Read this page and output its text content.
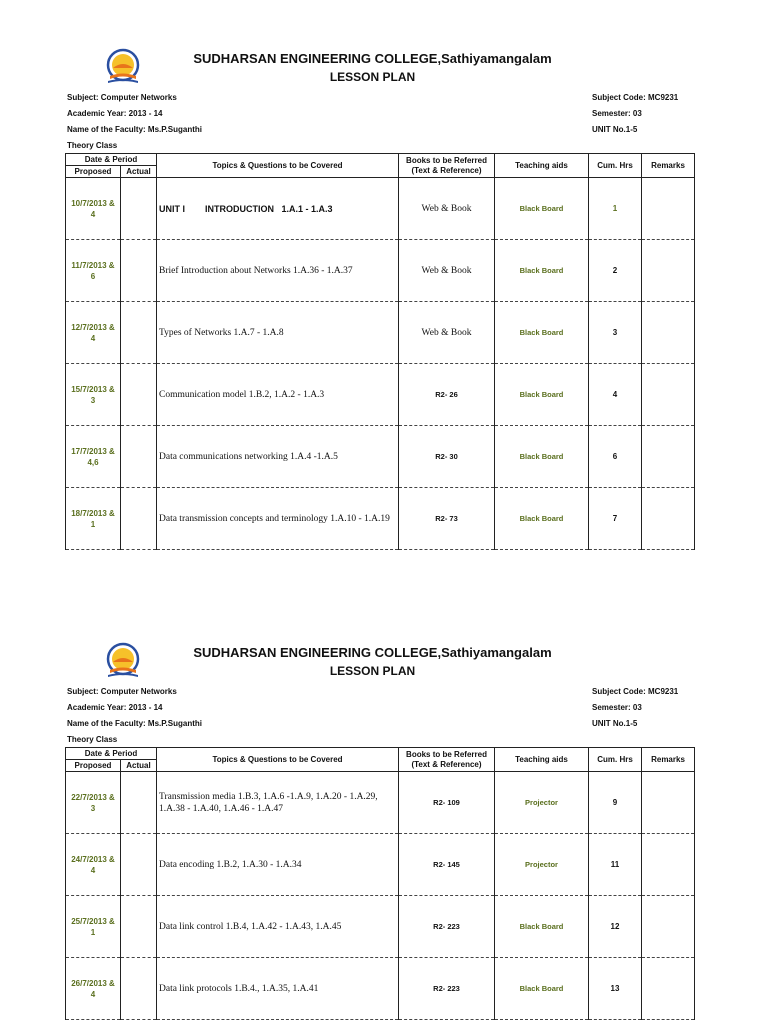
SUDHARSAN ENGINEERING COLLEGE,Sathiyamangalam
LESSON PLAN
Subject: Computer Networks
Academic Year: 2013 - 14
Name of the Faculty: Ms.P.Suganthi
Theory Class
Subject Code: MC9231
Semester: 03
UNIT No.1-5
Date & Period		Topics & Questions to be Covered	Books to be Referred
(Text & Reference)	Teaching aids	Cum. Hrs	Remarks
Proposed	Actual					
10/7/2013 &
4		UNIT I        INTRODUCTION   1.A.1 - 1.A.3	Web & Book	Black Board	1	
11/7/2013 &
6		Brief Introduction about Networks 1.A.36 - 1.A.37	Web & Book	Black Board	2	
12/7/2013 &
4		Types of Networks 1.A.7 - 1.A.8	Web & Book	Black Board	3	
15/7/2013 &
3		Communication model 1.B.2, 1.A.2 - 1.A.3	R2- 26	Black Board	4	
17/7/2013 &
4,6		Data communications networking 1.A.4 -1.A.5	R2- 30	Black Board	6	
18/7/2013 &
1		Data transmission concepts and terminology 1.A.10 - 1.A.19	R2- 73	Black Board	7	
SUDHARSAN ENGINEERING COLLEGE,Sathiyamangalam
LESSON PLAN
Subject: Computer Networks
Academic Year: 2013 - 14
Name of the Faculty: Ms.P.Suganthi
Theory Class
Subject Code: MC9231
Semester: 03
UNIT No.1-5
Date & Period		Topics & Questions to be Covered	Books to be Referred
(Text & Reference)	Teaching aids	Cum. Hrs	Remarks
Proposed	Actual					
22/7/2013 &
3		Transmission media 1.B.3, 1.A.6 -1.A.9, 1.A.20 - 1.A.29, 1.A.38 - 1.A.40, 1.A.46 - 1.A.47	R2- 109	Projector	9	
24/7/2013 &
4		Data encoding 1.B.2, 1.A.30 - 1.A.34	R2- 145	Projector	11	
25/7/2013 &
1		Data link control 1.B.4, 1.A.42 - 1.A.43, 1.A.45	R2- 223	Black Board	12	
26/7/2013 &
4		Data link protocols 1.B.4., 1.A.35, 1.A.41	R2- 223	Black Board	13	
